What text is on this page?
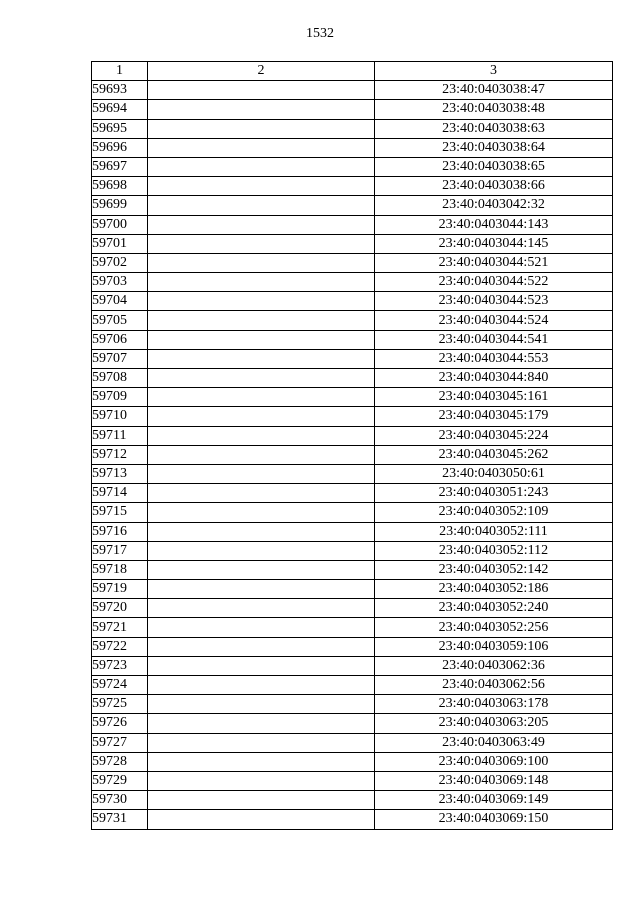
1532
1	2	3
59693		23:40:0403038:47
59694		23:40:0403038:48
59695		23:40:0403038:63
59696		23:40:0403038:64
59697		23:40:0403038:65
59698		23:40:0403038:66
59699		23:40:0403042:32
59700		23:40:0403044:143
59701		23:40:0403044:145
59702		23:40:0403044:521
59703		23:40:0403044:522
59704		23:40:0403044:523
59705		23:40:0403044:524
59706		23:40:0403044:541
59707		23:40:0403044:553
59708		23:40:0403044:840
59709		23:40:0403045:161
59710		23:40:0403045:179
59711		23:40:0403045:224
59712		23:40:0403045:262
59713		23:40:0403050:61
59714		23:40:0403051:243
59715		23:40:0403052:109
59716		23:40:0403052:111
59717		23:40:0403052:112
59718		23:40:0403052:142
59719		23:40:0403052:186
59720		23:40:0403052:240
59721		23:40:0403052:256
59722		23:40:0403059:106
59723		23:40:0403062:36
59724		23:40:0403062:56
59725		23:40:0403063:178
59726		23:40:0403063:205
59727		23:40:0403063:49
59728		23:40:0403069:100
59729		23:40:0403069:148
59730		23:40:0403069:149
59731		23:40:0403069:150
